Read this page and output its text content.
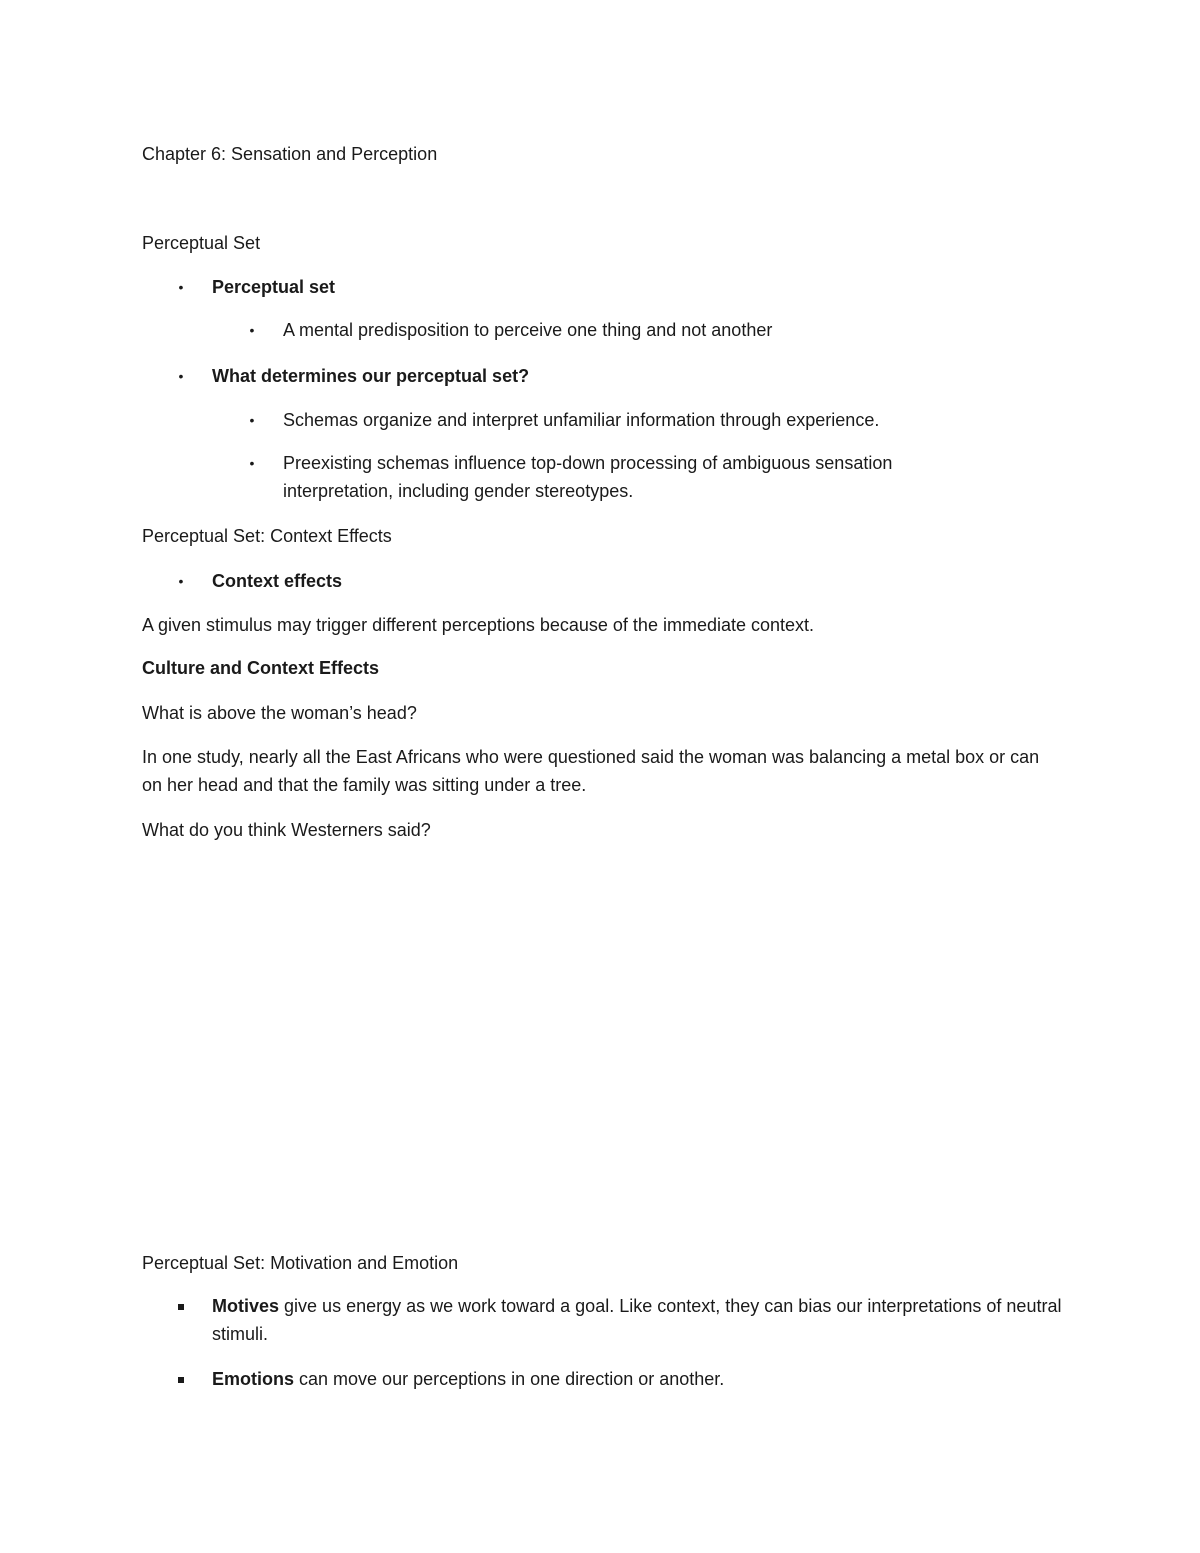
Chapter 6: Sensation and Perception
Perceptual Set
• Perceptual set
• A mental predisposition to perceive one thing and not another
• What determines our perceptual set?
• Schemas organize and interpret unfamiliar information through experience.
• Preexisting schemas influence top-down processing of ambiguous sensation interpretation, including gender stereotypes.
Perceptual Set: Context Effects
• Context effects
A given stimulus may trigger different perceptions because of the immediate context.
Culture and Context Effects
What is above the woman’s head?
In one study, nearly all the East Africans who were questioned said the woman was balancing a metal box or can on her head and that the family was sitting under a tree.
What do you think Westerners said?
Perceptual Set: Motivation and Emotion
Motives give us energy as we work toward a goal. Like context, they can bias our interpretations of neutral stimuli.
Emotions can move our perceptions in one direction or another.
